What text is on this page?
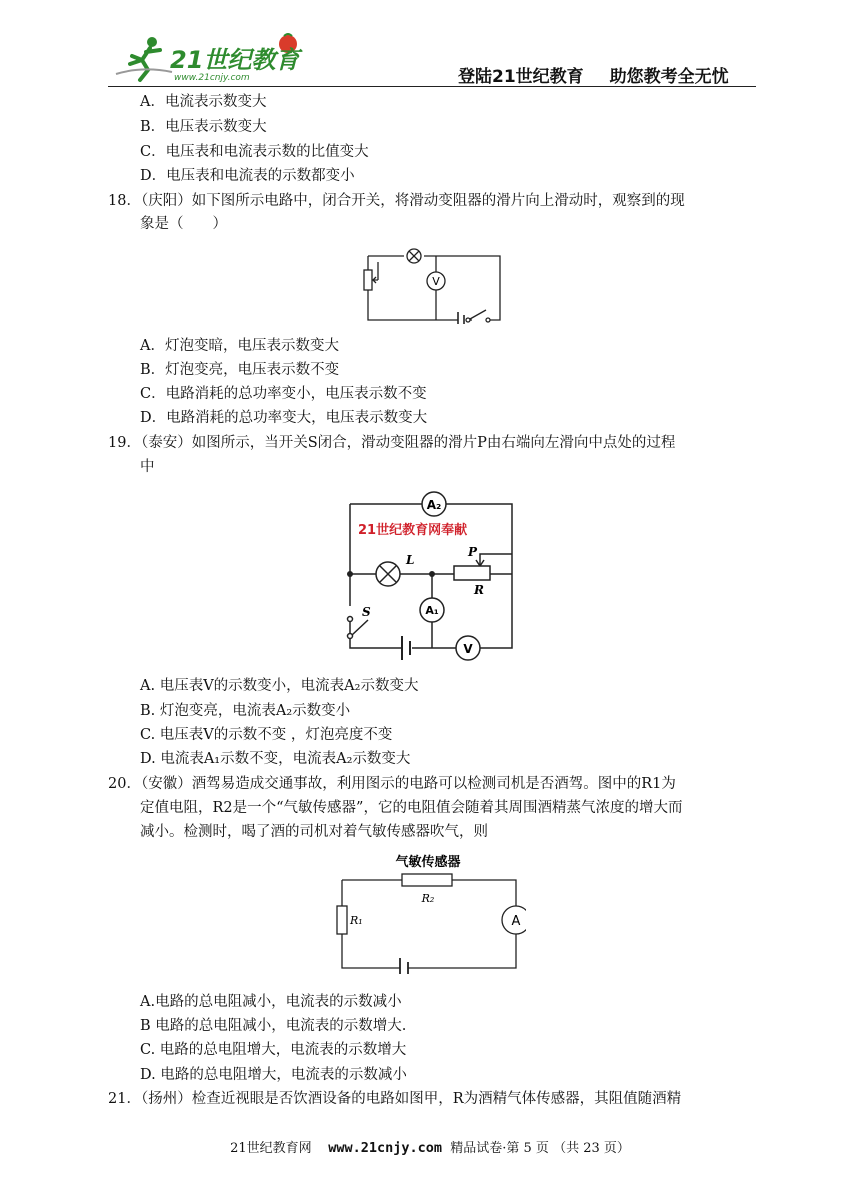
21世纪教育
www.21cnjy.com	登陆21世纪教育 助您教考全无忧
A．电流表示数变大
B．电压表示数变大
C．电压表和电流表示数的比值变大
D．电压表和电流表的示数都变小
18．（庆阳）如下图所示电路中，闭合开关，将滑动变阻器的滑片向上滑动时，观察到的现
象是（　　）
V
A．灯泡变暗，电压表示数变大
B．灯泡变亮，电压表示数不变
C．电路消耗的总功率变小，电压表示数不变
D．电路消耗的总功率变大，电压表示数变大
19．（泰安）如图所示，当开关S闭合，滑动变阻器的滑片P由右端向左滑向中点处的过程
中
A₂
21世纪教育网奉献
L
P
R
A₁
V
S
A. 电压表V的示数变小，电流表A₂示数变大
B. 灯泡变亮，电流表A₂示数变小
C. 电压表V的示数不变 ，灯泡亮度不变
D. 电流表A₁示数不变，电流表A₂示数变大
20．（安徽）酒驾易造成交通事故，利用图示的电路可以检测司机是否酒驾。图中的R1为
定值电阻，R2是一个“气敏传感器”，它的电阻值会随着其周围酒精蒸气浓度的增大而
减小。检测时，喝了酒的司机对着气敏传感器吹气，则
气敏传感器
R₂
R₁	A
A.电路的总电阻减小，电流表的示数减小
B 电路的总电阻减小，电流表的示数增大.
C. 电路的总电阻增大，电流表的示数增大
D. 电路的总电阻增大，电流表的示数减小
21．（扬州）检查近视眼是否饮酒设备的电路如图甲，R为酒精气体传感器，其阻值随酒精
21世纪教育网 www.21cnjy.com 精品试卷·第 5 页 （共 23 页）
